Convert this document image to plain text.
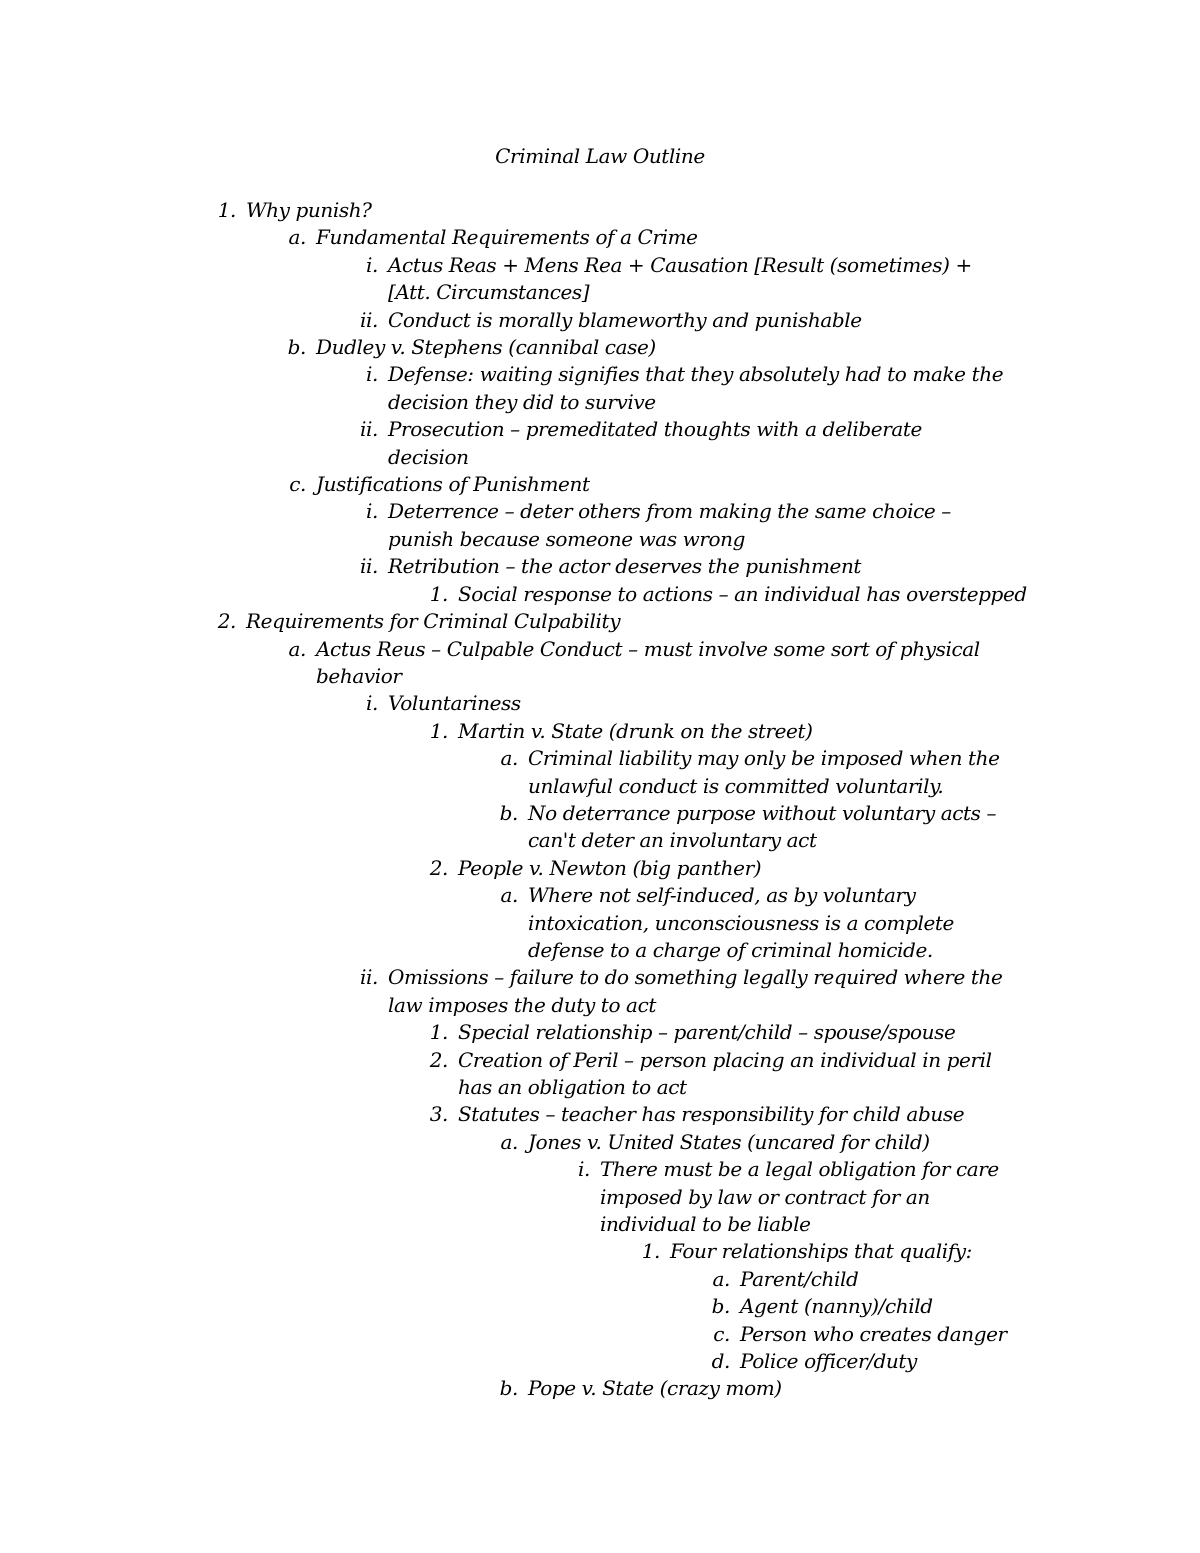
Criminal Law Outline
1. Why punish?
a. Fundamental Requirements of a Crime
i. Actus Reas + Mens Rea + Causation [Result (sometimes) + [Att. Circumstances]
ii. Conduct is morally blameworthy and punishable
b. Dudley v. Stephens (cannibal case)
i. Defense: waiting signifies that they absolutely had to make the decision they did to survive
ii. Prosecution – premeditated thoughts with a deliberate decision
c. Justifications of Punishment
i. Deterrence – deter others from making the same choice – punish because someone was wrong
ii. Retribution – the actor deserves the punishment
1. Social response to actions – an individual has overstepped
2. Requirements for Criminal Culpability
a. Actus Reus – Culpable Conduct – must involve some sort of physical behavior
i. Voluntariness
1. Martin v. State (drunk on the street)
a. Criminal liability may only be imposed when the unlawful conduct is committed voluntarily.
b. No deterrance purpose without voluntary acts – can't deter an involuntary act
2. People v. Newton (big panther)
a. Where not self-induced, as by voluntary intoxication, unconsciousness is a complete defense to a charge of criminal homicide.
ii. Omissions – failure to do something legally required where the law imposes the duty to act
1. Special relationship – parent/child – spouse/spouse
2. Creation of Peril – person placing an individual in peril has an obligation to act
3. Statutes – teacher has responsibility for child abuse
a. Jones v. United States (uncared for child)
i. There must be a legal obligation for care imposed by law or contract for an individual to be liable
1. Four relationships that qualify:
a. Parent/child
b. Agent (nanny)/child
c. Person who creates danger
d. Police officer/duty
b. Pope v. State (crazy mom)
